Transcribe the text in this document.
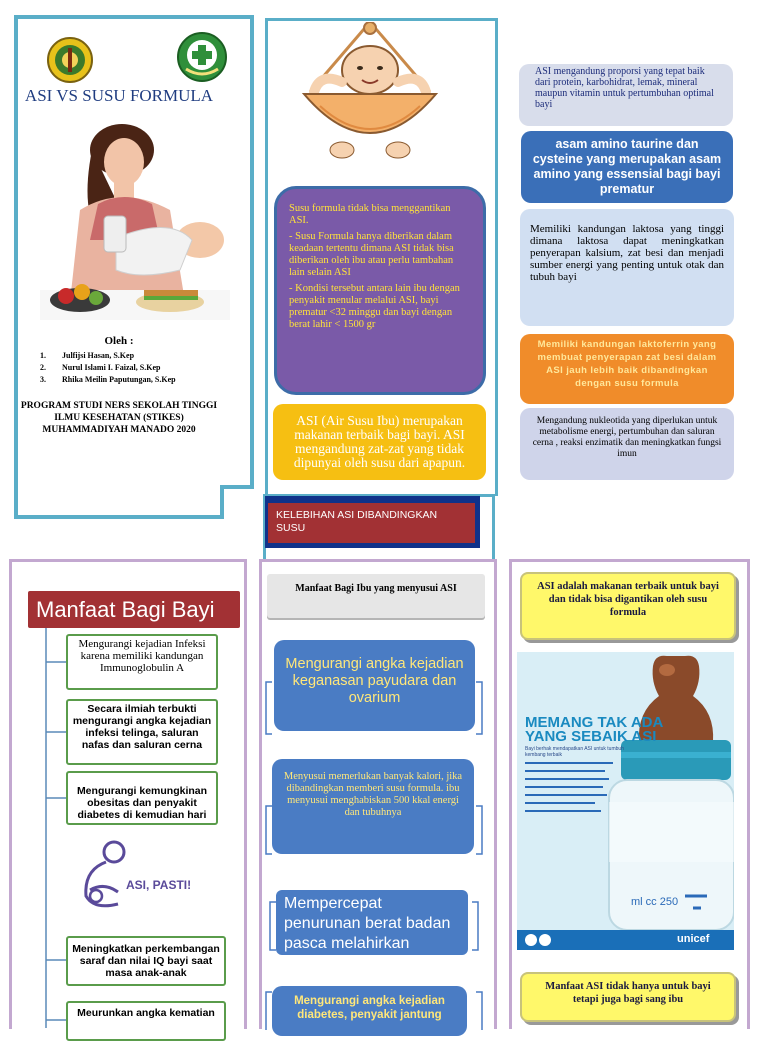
ASI VS SUSU FORMULA
Oleh :
1. Julfijsi Hasan, S.Kep
2. Nurul Islami I. Faizal, S.Kep
3. Rhika Meilin Paputungan, S.Kep
PROGRAM STUDI NERS SEKOLAH TINGGI ILMU KESEHATAN (STIKES) MUHAMMADIYAH MANADO 2020

Susu formula tidak bisa menggantikan ASI.

- Susu Formula hanya diberikan dalam keadaan tertentu dimana ASI tidak bisa diberikan oleh ibu atau perlu tambahan lain selain ASI

- Kondisi tersebut antara lain ibu dengan penyakit menular melalui ASI, bayi prematur <32 minggu dan bayi dengan berat lahir < 1500 gr

ASI (Air Susu Ibu) merupakan makanan terbaik bagi bayi. ASI mengandung zat-zat yang tidak dipunyai oleh susu dari apapun.
KELEBIHAN ASI DIBANDINGKAN SUSU
ASI mengandung proporsi yang tepat baik dari protein, karbohidrat, lemak, mineral maupun vitamin untuk pertumbuhan optimal bayi
asam amino taurine dan cysteine yang merupakan asam amino yang essensial bagi bayi prematur
Memiliki kandungan laktosa yang tinggi dimana laktosa dapat meningkatkan penyerapan kalsium, zat besi dan menjadi sumber energi yang penting untuk otak dan tubuh bayi
Memiliki kandungan laktoferrin yang membuat penyerapan zat besi dalam ASI jauh lebih baik dibandingkan dengan susu formula
Mengandung nukleotida yang diperlukan untuk metabolisme energi, pertumbuhan dan saluran cerna , reaksi enzimatik dan meningkatkan fungsi imun
Manfaat Bagi Bayi
Mengurangi kejadian Infeksi karena memiliki kandungan Immunoglobulin A
Secara ilmiah terbukti mengurangi angka kejadian infeksi telinga, saluran nafas dan saluran cerna
Mengurangi kemungkinan obesitas dan penyakit diabetes di kemudian hari
ASI, PASTI!
Meningkatkan perkembangan saraf dan nilai IQ bayi saat masa anak-anak
Meurunkan angka kematian
Manfaat Bagi Ibu yang menyusui ASI
Mengurangi angka kejadian keganasan payudara dan ovarium
Menyusui memerlukan banyak kalori, jika dibandingkan memberi susu formula. ibu menyusui menghabiskan 500 kkal energi dan tubuhnya
Mempercepat penurunan berat badan pasca melahirkan
Mengurangi angka kejadian diabetes, penyakit jantung
ASI adalah makanan terbaik untuk bayi dan tidak bisa digantikan oleh susu formula
MEMANG TAK ADA
YANG SEBAIK ASI
Bayi berhak mendapatkan ASI untuk tumbuh kembang terbaik
ml cc 250
unicef
Manfaat ASI tidak hanya untuk bayi tetapi juga bagi sang ibu
